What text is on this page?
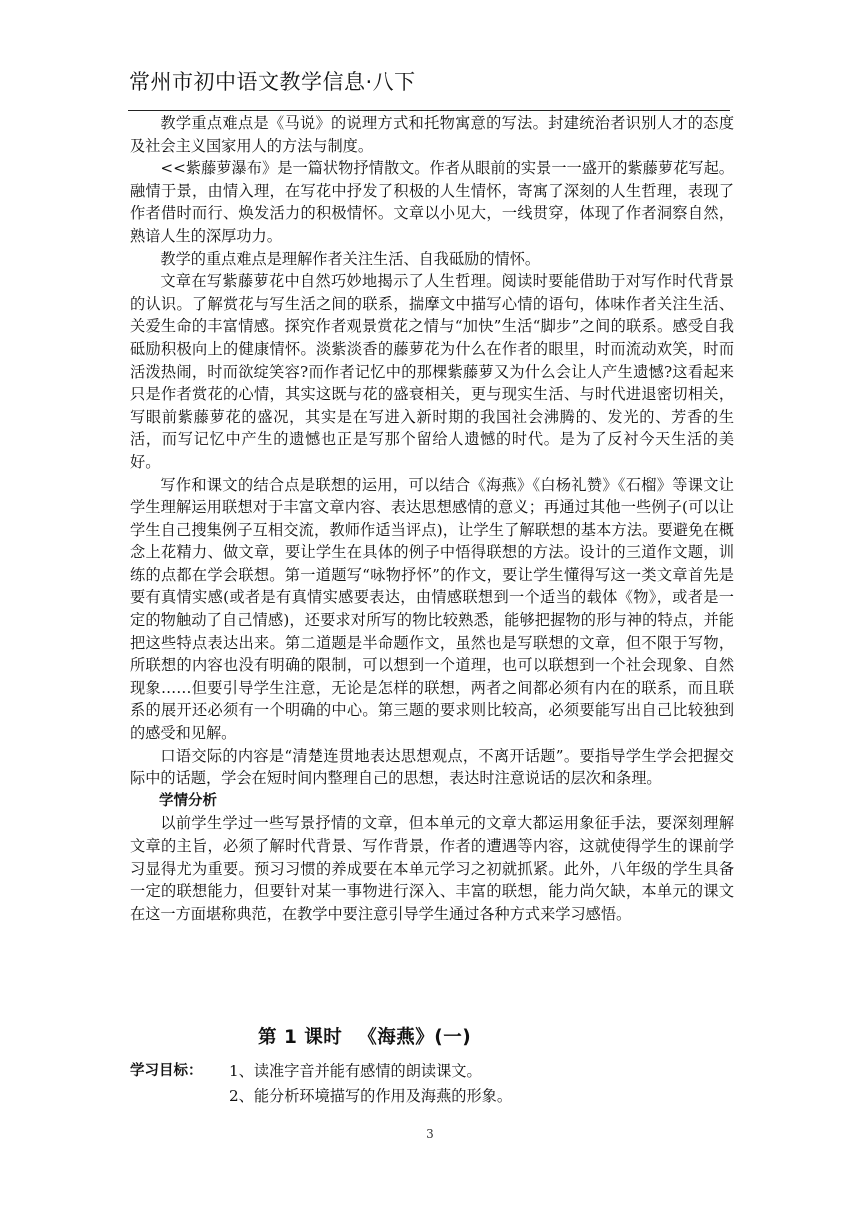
常州市初中语文教学信息·八下

教学重点难点是《马说》的说理方式和托物寓意的写法。封建统治者识别人才的态度及社会主义国家用人的方法与制度。

<<紫藤萝瀑布》是一篇状物抒情散文。作者从眼前的实景一一盛开的紫藤萝花写起。融情于景，由情入理，在写花中抒发了积极的人生情怀，寄寓了深刻的人生哲理，表现了作者借时而行、焕发活力的积极情怀。文章以小见大，一线贯穿，体现了作者洞察自然，熟谙人生的深厚功力。

教学的重点难点是理解作者关注生活、自我砥励的情怀。

文章在写紫藤萝花中自然巧妙地揭示了人生哲理。阅读时要能借助于对写作时代背景的认识。了解赏花与写生活之间的联系，揣摩文中描写心情的语句，体味作者关注生活、关爱生命的丰富情感。探究作者观景赏花之情与“加快”生活“脚步”之间的联系。感受自我砥励积极向上的健康情怀。淡紫淡香的藤萝花为什么在作者的眼里，时而流动欢笑，时而活泼热闹，时而欲绽笑容?而作者记忆中的那棵紫藤萝又为什么会让人产生遗憾?这看起来只是作者赏花的心情，其实这既与花的盛衰相关，更与现实生活、与时代进退密切相关，写眼前紫藤萝花的盛况，其实是在写进入新时期的我国社会沸腾的、发光的、芳香的生活，而写记忆中产生的遗憾也正是写那个留给人遗憾的时代。是为了反衬今天生活的美好。

写作和课文的结合点是联想的运用，可以结合《海燕》《白杨礼赞》《石榴》等课文让学生理解运用联想对于丰富文章内容、表达思想感情的意义；再通过其他一些例子(可以让学生自己搜集例子互相交流，教师作适当评点)，让学生了解联想的基本方法。要避免在概念上花精力、做文章，要让学生在具体的例子中悟得联想的方法。设计的三道作文题，训练的点都在学会联想。第一道题写“咏物抒怀”的作文，要让学生懂得写这一类文章首先是要有真情实感(或者是有真情实感要表达，由情感联想到一个适当的载体《物》，或者是一定的物触动了自己情感)，还要求对所写的物比较熟悉，能够把握物的形与神的特点，并能把这些特点表达出来。第二道题是半命题作文，虽然也是写联想的文章，但不限于写物，所联想的内容也没有明确的限制，可以想到一个道理，也可以联想到一个社会现象、自然现象……但要引导学生注意，无论是怎样的联想，两者之间都必须有内在的联系，而且联系的展开还必须有一个明确的中心。第三题的要求则比较高，必须要能写出自己比较独到的感受和见解。

口语交际的内容是“清楚连贯地表达思想观点，不离开话题”。要指导学生学会把握交际中的话题，学会在短时间内整理自己的思想，表达时注意说话的层次和条理。

学情分析

以前学生学过一些写景抒情的文章，但本单元的文章大都运用象征手法，要深刻理解文章的主旨，必须了解时代背景、写作背景，作者的遭遇等内容，这就使得学生的课前学习显得尤为重要。预习习惯的养成要在本单元学习之初就抓紧。此外，八年级的学生具备一定的联想能力，但要针对某一事物进行深入、丰富的联想，能力尚欠缺，本单元的课文在这一方面堪称典范，在教学中要注意引导学生通过各种方式来学习感悟。

第 1 课时 《海燕》(一)
学习目标： 1、读准字音并能有感情的朗读课文。
2、能分析环境描写的作用及海燕的形象。
3
